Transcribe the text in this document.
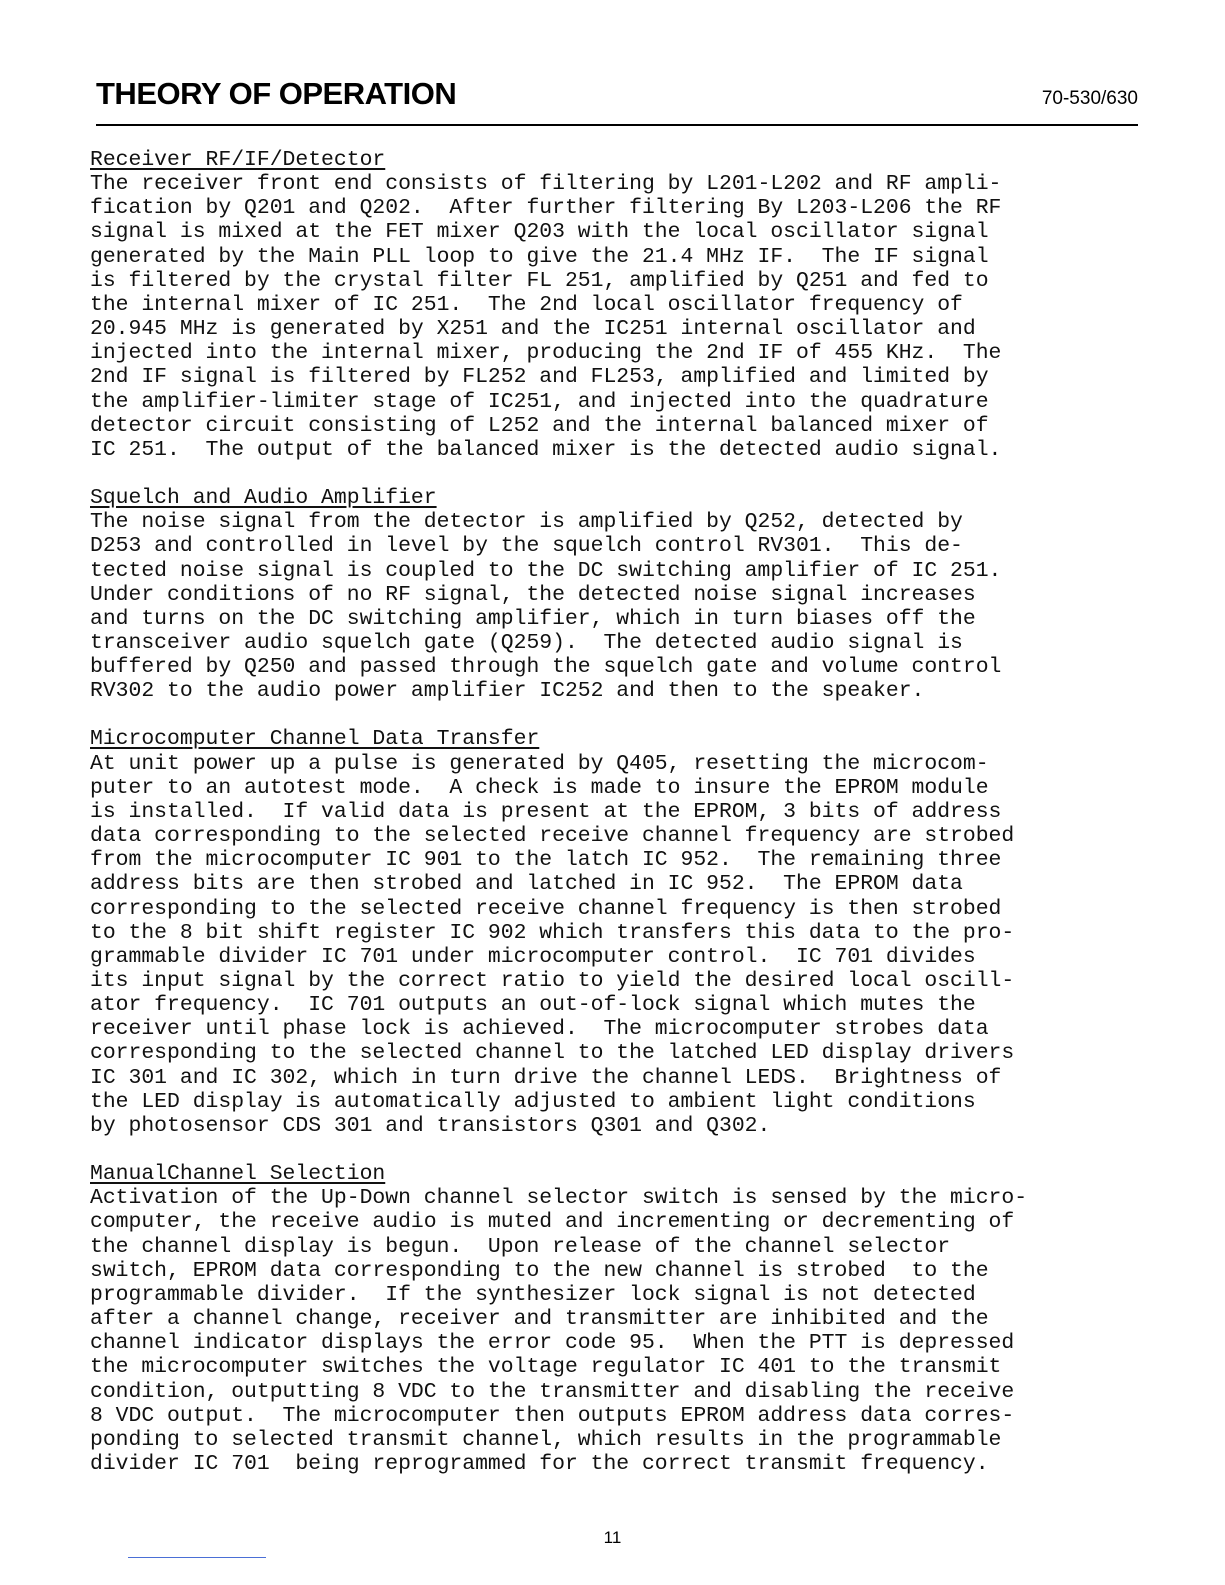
THEORY OF OPERATION	70-530/630
Receiver RF/IF/Detector
The receiver front end consists of filtering by L201-L202 and RF ampli-
fication by Q201 and Q202.  After further filtering By L203-L206 the RF
signal is mixed at the FET mixer Q203 with the local oscillator signal
generated by the Main PLL loop to give the 21.4 MHz IF.  The IF signal
is filtered by the crystal filter FL 251, amplified by Q251 and fed to
the internal mixer of IC 251.  The 2nd local oscillator frequency of
20.945 MHz is generated by X251 and the IC251 internal oscillator and
injected into the internal mixer, producing the 2nd IF of 455 KHz.  The
2nd IF signal is filtered by FL252 and FL253, amplified and limited by
the amplifier-limiter stage of IC251, and injected into the quadrature
detector circuit consisting of L252 and the internal balanced mixer of
IC 251.  The output of the balanced mixer is the detected audio signal.
Squelch and Audio Amplifier
The noise signal from the detector is amplified by Q252, detected by
D253 and controlled in level by the squelch control RV301.  This de-
tected noise signal is coupled to the DC switching amplifier of IC 251.
Under conditions of no RF signal, the detected noise signal increases
and turns on the DC switching amplifier, which in turn biases off the
transceiver audio squelch gate (Q259).  The detected audio signal is
buffered by Q250 and passed through the squelch gate and volume control
RV302 to the audio power amplifier IC252 and then to the speaker.
Microcomputer Channel Data Transfer
At unit power up a pulse is generated by Q405, resetting the microcom-
puter to an autotest mode.  A check is made to insure the EPROM module
is installed.  If valid data is present at the EPROM, 3 bits of address
data corresponding to the selected receive channel frequency are strobed
from the microcomputer IC 901 to the latch IC 952.  The remaining three
address bits are then strobed and latched in IC 952.  The EPROM data
corresponding to the selected receive channel frequency is then strobed
to the 8 bit shift register IC 902 which transfers this data to the pro-
grammable divider IC 701 under microcomputer control.  IC 701 divides
its input signal by the correct ratio to yield the desired local oscill-
ator frequency.  IC 701 outputs an out-of-lock signal which mutes the
receiver until phase lock is achieved.  The microcomputer strobes data
corresponding to the selected channel to the latched LED display drivers
IC 301 and IC 302, which in turn drive the channel LEDS.  Brightness of
the LED display is automatically adjusted to ambient light conditions
by photosensor CDS 301 and transistors Q301 and Q302.
ManualChannel Selection
Activation of the Up-Down channel selector switch is sensed by the micro-
computer, the receive audio is muted and incrementing or decrementing of
the channel display is begun.  Upon release of the channel selector
switch, EPROM data corresponding to the new channel is strobed  to the
programmable divider.  If the synthesizer lock signal is not detected
after a channel change, receiver and transmitter are inhibited and the
channel indicator displays the error code 95.  When the PTT is depressed
the microcomputer switches the voltage regulator IC 401 to the transmit
condition, outputting 8 VDC to the transmitter and disabling the receive
8 VDC output.  The microcomputer then outputs EPROM address data corres-
ponding to selected transmit channel, which results in the programmable
divider IC 701  being reprogrammed for the correct transmit frequency.
11
